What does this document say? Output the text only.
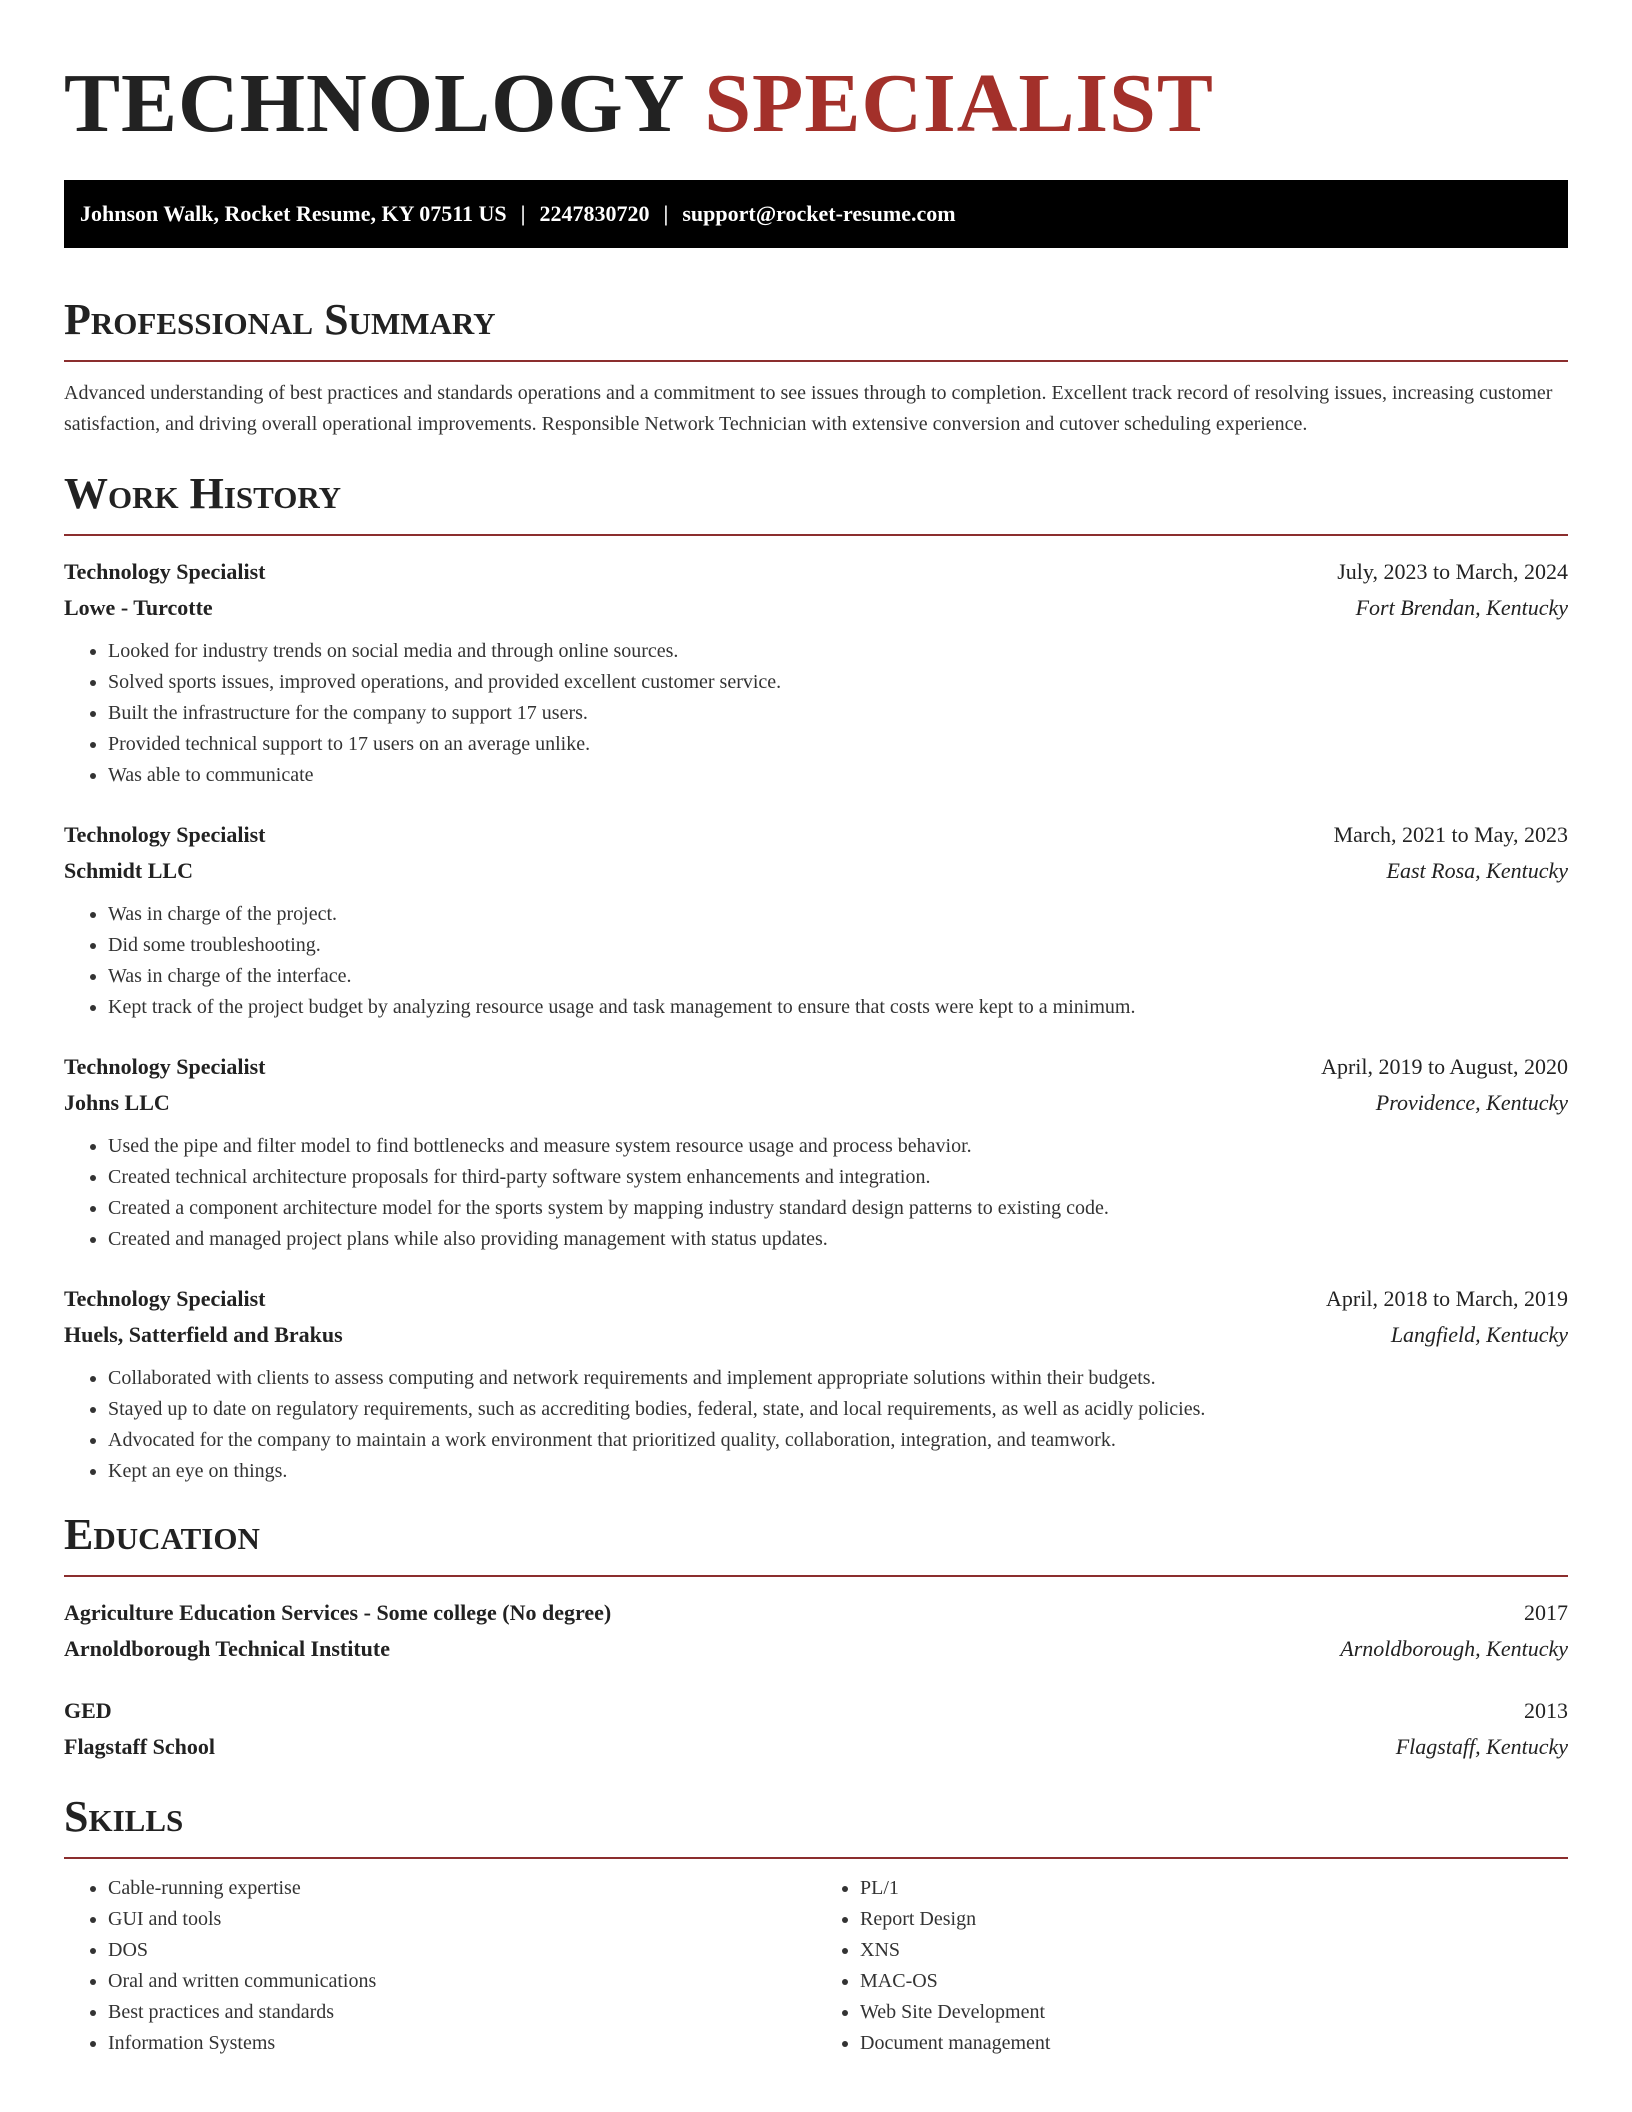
TECHNOLOGY SPECIALIST
Johnson Walk, Rocket Resume, KY 07511 US | 2247830720 | support@rocket-resume.com
Professional Summary

Advanced understanding of best practices and standards operations and a commitment to see issues through to completion. Excellent track record of resolving issues, increasing customer satisfaction, and driving overall operational improvements. Responsible Network Technician with extensive conversion and cutover scheduling experience.

Work History
Technology Specialist	July, 2023 to March, 2024
Lowe - Turcotte	Fort Brendan, Kentucky
• Looked for industry trends on social media and through online sources.
• Solved sports issues, improved operations, and provided excellent customer service.
• Built the infrastructure for the company to support 17 users.
• Provided technical support to 17 users on an average unlike.
• Was able to communicate
Technology Specialist	March, 2021 to May, 2023
Schmidt LLC	East Rosa, Kentucky
• Was in charge of the project.
• Did some troubleshooting.
• Was in charge of the interface.
• Kept track of the project budget by analyzing resource usage and task management to ensure that costs were kept to a minimum.
Technology Specialist	April, 2019 to August, 2020
Johns LLC	Providence, Kentucky
• Used the pipe and filter model to find bottlenecks and measure system resource usage and process behavior.
• Created technical architecture proposals for third-party software system enhancements and integration.
• Created a component architecture model for the sports system by mapping industry standard design patterns to existing code.
• Created and managed project plans while also providing management with status updates.
Technology Specialist	April, 2018 to March, 2019
Huels, Satterfield and Brakus	Langfield, Kentucky
• Collaborated with clients to assess computing and network requirements and implement appropriate solutions within their budgets.
• Stayed up to date on regulatory requirements, such as accrediting bodies, federal, state, and local requirements, as well as acidly policies.
• Advocated for the company to maintain a work environment that prioritized quality, collaboration, integration, and teamwork.
• Kept an eye on things.
Education
Agriculture Education Services - Some college (No degree)	2017
Arnoldborough Technical Institute	Arnoldborough, Kentucky
GED	2013
Flagstaff School	Flagstaff, Kentucky
Skills
• Cable-running expertise
• GUI and tools
• DOS
• Oral and written communications
• Best practices and standards
• Information Systems
• PL/1
• Report Design
• XNS
• MAC-OS
• Web Site Development
• Document management
